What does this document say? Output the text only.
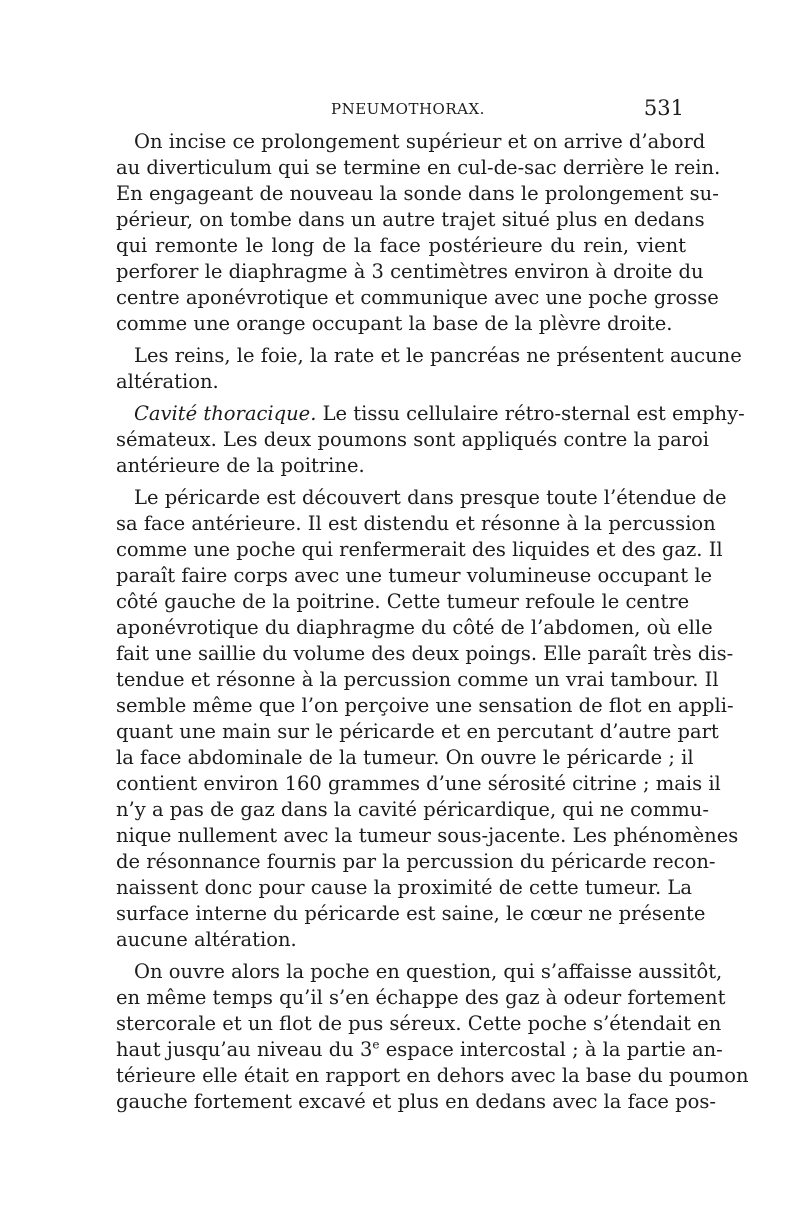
PNEUMOTHORAX.	531
On incise ce prolongement supérieur et on arrive d’abord
au diverticulum qui se termine en cul-de-sac derrière le rein.
En engageant de nouveau la sonde dans le prolongement su-
périeur, on tombe dans un autre trajet situé plus en dedans
qui remonte le long de la face postérieure du rein, vient
perforer le diaphragme à 3 centimètres environ à droite du
centre aponévrotique et communique avec une poche grosse
comme une orange occupant la base de la plèvre droite.
Les reins, le foie, la rate et le pancréas ne présentent aucune
altération.
Cavité thoracique. Le tissu cellulaire rétro-sternal est emphy-
sémateux. Les deux poumons sont appliqués contre la paroi
antérieure de la poitrine.
Le péricarde est découvert dans presque toute l’étendue de
sa face antérieure. Il est distendu et résonne à la percussion
comme une poche qui renfermerait des liquides et des gaz. Il
paraît faire corps avec une tumeur volumineuse occupant le
côté gauche de la poitrine. Cette tumeur refoule le centre
aponévrotique du diaphragme du côté de l’abdomen, où elle
fait une saillie du volume des deux poings. Elle paraît très dis-
tendue et résonne à la percussion comme un vrai tambour. Il
semble même que l’on perçoive une sensation de flot en appli-
quant une main sur le péricarde et en percutant d’autre part
la face abdominale de la tumeur. On ouvre le péricarde ; il
contient environ 160 grammes d’une sérosité citrine ; mais il
n’y a pas de gaz dans la cavité péricardique, qui ne commu-
nique nullement avec la tumeur sous-jacente. Les phénomènes
de résonnance fournis par la percussion du péricarde recon-
naissent donc pour cause la proximité de cette tumeur. La
surface interne du péricarde est saine, le cœur ne présente
aucune altération.
On ouvre alors la poche en question, qui s’affaisse aussitôt,
en même temps qu’il s’en échappe des gaz à odeur fortement
stercorale et un flot de pus séreux. Cette poche s’étendait en
haut jusqu’au niveau du 3e espace intercostal ; à la partie an-
térieure elle était en rapport en dehors avec la base du poumon
gauche fortement excavé et plus en dedans avec la face pos-
